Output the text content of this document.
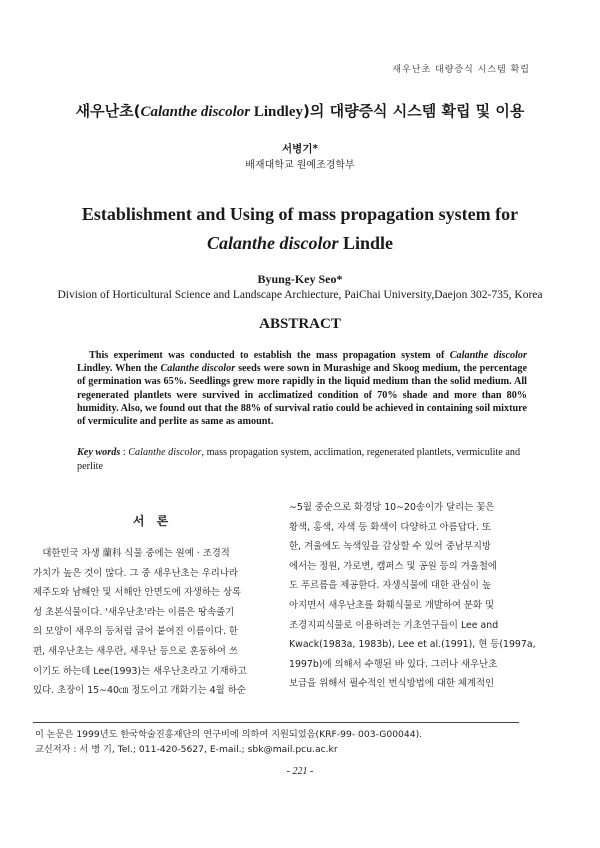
새우난초 대량증식 시스템 확립
새우난초(Calanthe discolor Lindley)의 대량증식 시스템 확립 및 이용
서병기*
배재대학교 원예조경학부
Establishment and Using of mass propagation system for
Calanthe discolor Lindle
Byung-Key Seo*
Division of Horticultural Science and Landscape Archiecture, PaiChai University,Daejon 302-735, Korea
ABSTRACT
This experiment was conducted to establish the mass propagation system of Calanthe discolor Lindley. When the Calanthe discolor seeds were sown in Murashige and Skoog medium, the percentage of germination was 65%. Seedlings grew more rapidly in the liquid medium than the solid medium. All regenerated plantlets were survived in acclimatized condition of 70% shade and more than 80% humidity. Also, we found out that the 88% of survival ratio could be achieved in containing soil mixture of vermiculite and perlite as same as amount.
Key words : Calanthe discolor, mass propagation system, acclimation, regenerated plantlets, vermiculite and perlite
서 론
　대한민국 자생 蘭科 식물 중에는 원예 · 조경적
가치가 높은 것이 많다. 그 중 새우난초는 우리나라
제주도와 남해안 및 서해안 안면도에 자생하는 상록
성 초본식물이다. '새우난초'라는 이름은 땅속줄기
의 모양이 새우의 등처럼 굽어 붙여진 이름이다. 한
편, 새우난초는 새우란, 새우난 등으로 혼동하여 쓰
이기도 하는데 Lee(1993)는 새우난초라고 기재하고
있다. 초장이 15∼40㎝ 정도이고 개화기는 4월 하순
∼5월 중순으로 화경당 10∼20송이가 달리는 꽃은
황색, 홍색, 자색 등 화색이 다양하고 아름답다. 또
한, 겨울에도 녹색잎을 감상할 수 있어 중남부지방
에서는 정원, 가로변, 캠퍼스 및 공원 등의 겨울철에
도 푸르름을 제공한다. 자생식물에 대한 관심이 높
아지면서 새우난초를 화훼식물로 개발하여 분화 및
조경지피식물로 이용하려는 기초연구들이 Lee and
Kwack(1983a, 1983b), Lee et al.(1991), 현 등(1997a,
1997b)에 의해서 수행된 바 있다. 그러나 새우난초
보급을 위해서 필수적인 번식방법에 대한 체계적인
이 논문은 1999년도 한국학술진흥재단의 연구비에 의하여 지원되었음(KRF-99- 003-G00044).
교신저자 : 서 병 기, Tel.; 011-420-5627, E-mail.; sbk@mail.pcu.ac.kr
- 221 -
